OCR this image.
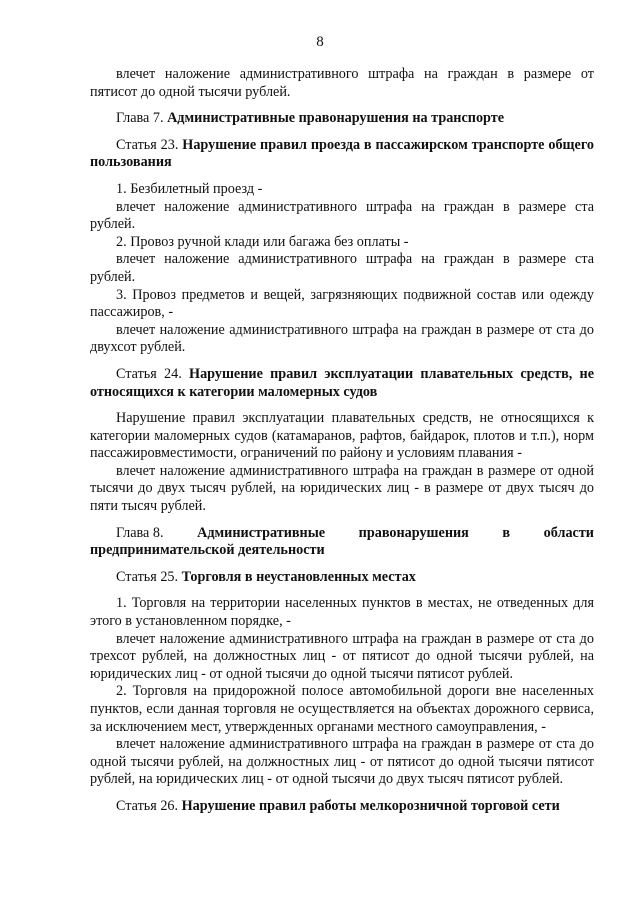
8

влечет наложение административного штрафа на граждан в размере от пятисот до одной тысячи рублей.

Глава 7. Административные правонарушения на транспорте

Статья 23. Нарушение правил проезда в пассажирском транспорте общего пользования

1. Безбилетный проезд -

влечет наложение административного штрафа на граждан в размере ста рублей.

2. Провоз ручной клади или багажа без оплаты -

влечет наложение административного штрафа на граждан в размере ста рублей.

3. Провоз предметов и вещей, загрязняющих подвижной состав или одежду пассажиров, -

влечет наложение административного штрафа на граждан в размере от ста до двухсот рублей.

Статья 24. Нарушение правил эксплуатации плавательных средств, не относящихся к категории маломерных судов

Нарушение правил эксплуатации плавательных средств, не относящихся к категории маломерных судов (катамаранов, рафтов, байдарок, плотов и т.п.), норм пассажировместимости, ограничений по району и условиям плавания -

влечет наложение административного штрафа на граждан в размере от одной тысячи до двух тысяч рублей, на юридических лиц - в размере от двух тысяч до пяти тысяч рублей.

Глава 8. Административные правонарушения в области
предпринимательской деятельности

Статья 25. Торговля в неустановленных местах

1. Торговля на территории населенных пунктов в местах, не отведенных для этого в установленном порядке, -

влечет наложение административного штрафа на граждан в размере от ста до трехсот рублей, на должностных лиц - от пятисот до одной тысячи рублей, на юридических лиц - от одной тысячи до одной тысячи пятисот рублей.

2. Торговля на придорожной полосе автомобильной дороги вне населенных пунктов, если данная торговля не осуществляется на объектах дорожного сервиса, за исключением мест, утвержденных органами местного самоуправления, -

влечет наложение административного штрафа на граждан в размере от ста до одной тысячи рублей, на должностных лиц - от пятисот до одной тысячи пятисот рублей, на юридических лиц - от одной тысячи до двух тысяч пятисот рублей.

Статья 26. Нарушение правил работы мелкорозничной торговой сети
